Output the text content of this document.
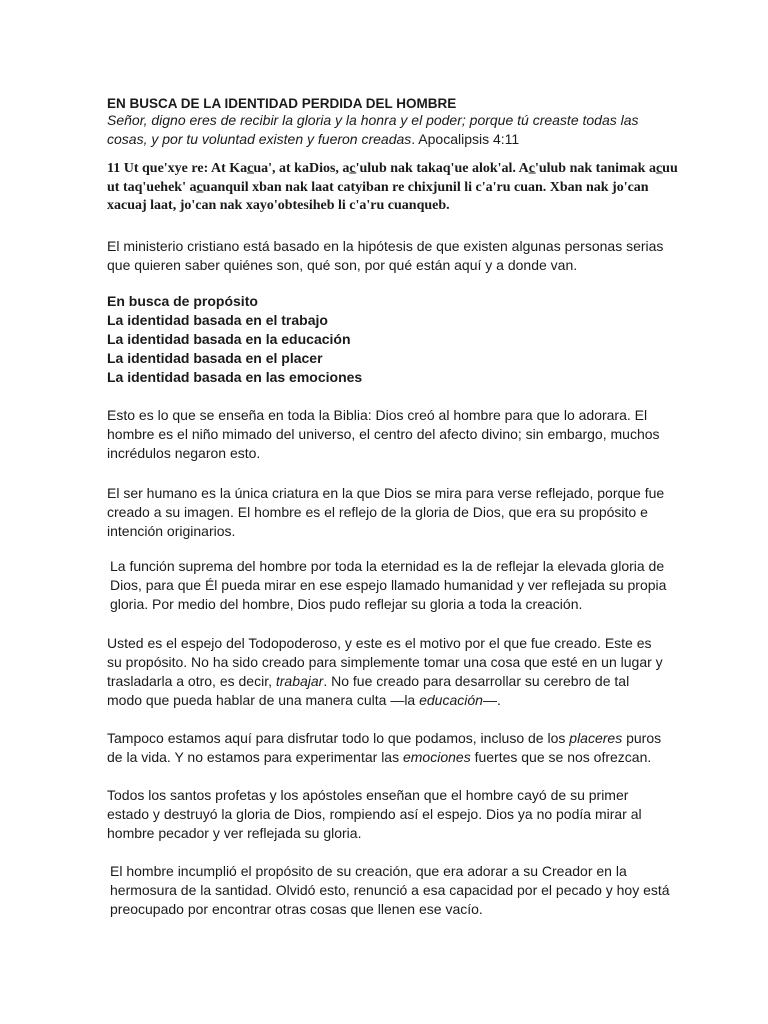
EN BUSCA DE LA IDENTIDAD PERDIDA DEL HOMBRE

Señor, digno eres de recibir la gloria y la honra y el poder; porque tú creaste todas las cosas, y por tu voluntad existen y fueron creadas. Apocalipsis 4:11

11 Ut que'xye re: At Kac̲ua', at kaDios, ac̲'ulub nak takaq'ue alok'al. Ac̲'ulub nak tanimak ac̲uu ut taq'uehek' ac̲uanquil xban nak laat catyiban re chixjunil li c'a'ru cuan. Xban nak jo'can xacuaj laat, jo'can nak xayo'obtesiheb li c'a'ru cuanqueb.

El ministerio cristiano está basado en la hipótesis de que existen algunas personas serias que quieren saber quiénes son, qué son, por qué están aquí y a donde van.

En busca de propósito
La identidad basada en el trabajo
La identidad basada en la educación
La identidad basada en el placer
La identidad basada en las emociones

Esto es lo que se enseña en toda la Biblia: Dios creó al hombre para que lo adorara. El hombre es el niño mimado del universo, el centro del afecto divino; sin embargo, muchos incrédulos negaron esto.

El ser humano es la única criatura en la que Dios se mira para verse reflejado, porque fue creado a su imagen. El hombre es el reflejo de la gloria de Dios, que era su propósito e intención originarios.

La función suprema del hombre por toda la eternidad es la de reflejar la elevada gloria de Dios, para que Él pueda mirar en ese espejo llamado humanidad y ver reflejada su propia gloria. Por medio del hombre, Dios pudo reflejar su gloria a toda la creación.

Usted es el espejo del Todopoderoso, y este es el motivo por el que fue creado. Este es su propósito. No ha sido creado para simplemente tomar una cosa que esté en un lugar y trasladarla a otro, es decir, trabajar. No fue creado para desarrollar su cerebro de tal modo que pueda hablar de una manera culta —la educación—.

Tampoco estamos aquí para disfrutar todo lo que podamos, incluso de los placeres puros de la vida. Y no estamos para experimentar las emociones fuertes que se nos ofrezcan.

Todos los santos profetas y los apóstoles enseñan que el hombre cayó de su primer estado y destruyó la gloria de Dios, rompiendo así el espejo. Dios ya no podía mirar al hombre pecador y ver reflejada su gloria.

El hombre incumplió el propósito de su creación, que era adorar a su Creador en la hermosura de la santidad. Olvidó esto, renunció a esa capacidad por el pecado y hoy está preocupado por encontrar otras cosas que llenen ese vacío.
